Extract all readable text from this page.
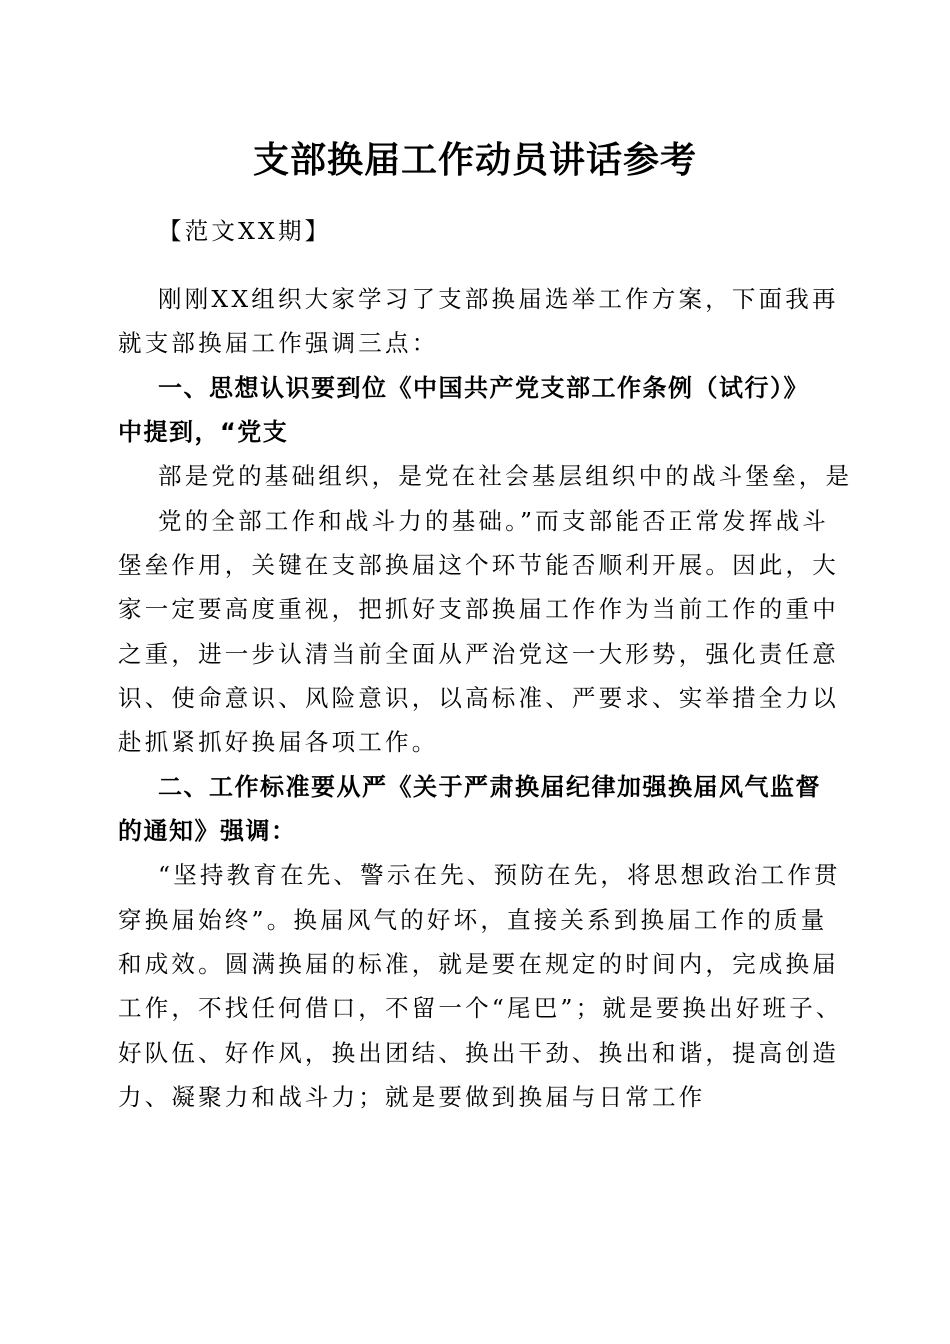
支部换届工作动员讲话参考

【范文XX期】

刚刚XX组织大家学习了支部换届选举工作方案，下面我再

就支部换届工作强调三点：

一、思想认识要到位《中国共产党支部工作条例（试行）》

中提到，“党支

部是党的基础组织，是党在社会基层组织中的战斗堡垒，是

党的全部工作和战斗力的基础。”而支部能否正常发挥战斗

堡垒作用，关键在支部换届这个环节能否顺利开展。因此，大

家一定要高度重视，把抓好支部换届工作作为当前工作的重中

之重，进一步认清当前全面从严治党这一大形势，强化责任意

识、使命意识、风险意识，以高标准、严要求、实举措全力以

赴抓紧抓好换届各项工作。

二、工作标准要从严《关于严肃换届纪律加强换届风气监督

的通知》强调：

“坚持教育在先、警示在先、预防在先，将思想政治工作贯

穿换届始终”。换届风气的好坏，直接关系到换届工作的质量

和成效。圆满换届的标准，就是要在规定的时间内，完成换届

工作，不找任何借口，不留一个“尾巴”；就是要换出好班子、

好队伍、好作风，换出团结、换出干劲、换出和谐，提高创造

力、凝聚力和战斗力；就是要做到换届与日常工作
